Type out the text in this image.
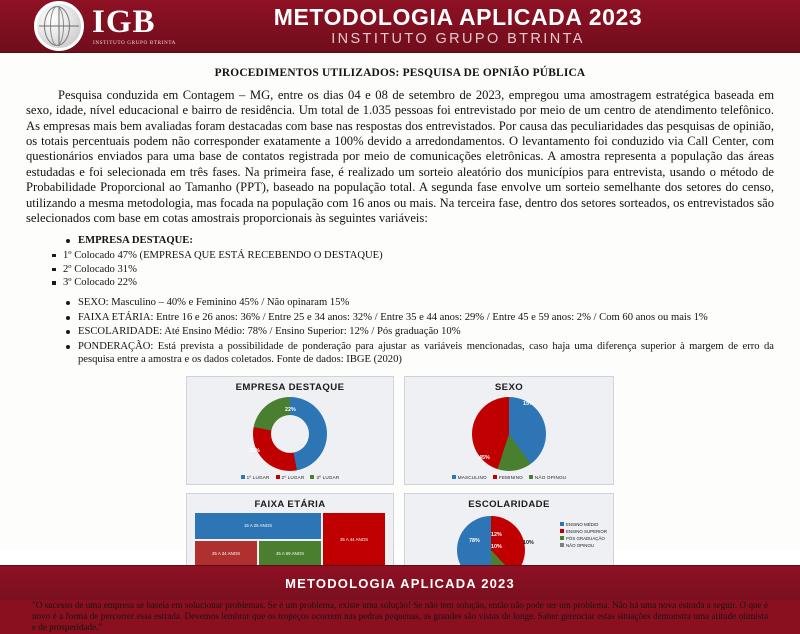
IGB
INSTITUTO GRUPO BTRINTA
METODOLOGIA APLICADA 2023
INSTITUTO GRUPO BTRINTA
PROCEDIMENTOS UTILIZADOS: PESQUISA DE OPNIÃO PÚBLICA

Pesquisa conduzida em Contagem – MG, entre os dias 04 e 08 de setembro de 2023, empregou uma amostragem estratégica baseada em sexo, idade, nível educacional e bairro de residência. Um total de 1.035 pessoas foi entrevistado por meio de um centro de atendimento telefônico. As empresas mais bem avaliadas foram destacadas com base nas respostas dos entrevistados. Por causa das peculiaridades das pesquisas de opinião, os totais percentuais podem não corresponder exatamente a 100% devido a arredondamentos. O levantamento foi conduzido via Call Center, com questionários enviados para uma base de contatos registrada por meio de comunicações eletrônicas. A amostra representa a população das áreas estudadas e foi selecionada em três fases. Na primeira fase, é realizado um sorteio aleatório dos municípios para entrevista, usando o método de Probabilidade Proporcional ao Tamanho (PPT), baseado na população total. A segunda fase envolve um sorteio semelhante dos setores do censo, utilizando a mesma metodologia, mas focada na população com 16 anos ou mais. Na terceira fase, dentro dos setores sorteados, os entrevistados são selecionados com base em cotas amostrais proporcionais às seguintes variáveis:

EMPRESA DESTAQUE:
1º Colocado 47% (EMPRESA QUE ESTÁ RECEBENDO O DESTAQUE)
2º Colocado 31%
3º Colocado 22%
SEXO: Masculino – 40% e Feminino 45% / Não opinaram 15%
FAIXA ETÁRIA: Entre 16 e 26 anos: 36% / Entre 25 e 34 anos: 32% / Entre 35 e 44 anos: 29% / Entre 45 e 59 anos: 2% / Com 60 anos ou mais 1%
ESCOLARIDADE: Até Ensino Médio: 78% / Ensino Superior: 12% / Pós graduação 10%
PONDERAÇÃO: Está prevista a possibilidade de ponderação para ajustar as variáveis mencionadas, caso haja uma diferença superior à margem de erro da pesquisa entre a amostra e os dados coletados. Fonte de dados: IBGE (2020)
EMPRESA DESTAQUE
22%
31%
1º LUGAR	2º LUGAR	3º LUGAR
SEXO
15%
45%
MASCULINO	FEMININO	NÃO OPINOU
FAIXA ETÁRIA
16 A 25 ANOS
35 A 44 ANOS
25 A 34 ANOS	45 A 59 ANOS
ESCOLARIDADE
78%
12%
10%
10%
ENSINO MÉDIO
ENSINO SUPERIOR
PÓS GRADUAÇÃO
NÃO OPINOU
"O sucesso de uma empresa se baseia em solucionar problemas. Se é um problema, existe uma solução! Se não tem solução, então não pode ser um problema. Não há uma nova estrada a seguir. O que é novo é a forma de percorrer essa estrada. Devemos lembrar que os tropeços ocorrem nas pedras pequenas, as grandes são vistas de longe. Saber gerenciar estas situações demonstra uma atitude otimista e de prosperidade."
METODOLOGIA APLICADA 2023
